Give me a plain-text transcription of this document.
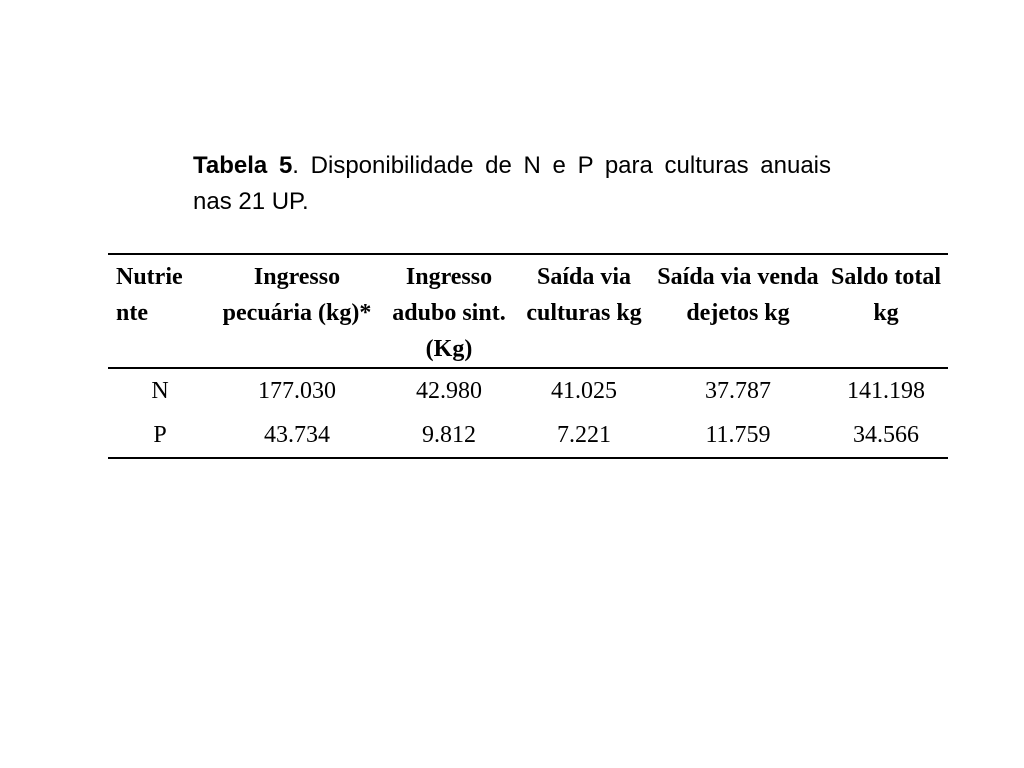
Tabela 5. Disponibilidade de N e P para culturas anuais nas 21 UP.
Nutrie nte	Ingresso pecuária (kg)*	Ingresso adubo sint. (Kg)	Saída via culturas kg	Saída via venda dejetos kg	Saldo total kg
N	177.030	42.980	41.025	37.787	141.198
P	43.734	9.812	7.221	11.759	34.566
